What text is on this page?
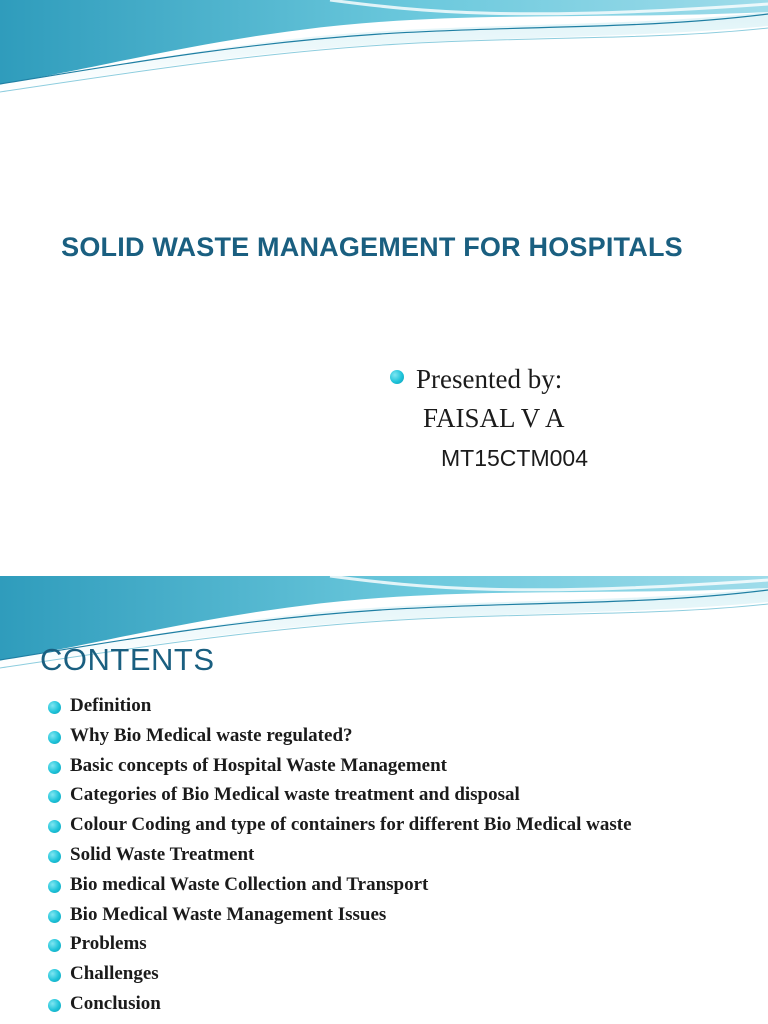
SOLID WASTE MANAGEMENT FOR HOSPITALS
Presented by:
FAISAL V A
MT15CTM004
CONTENTS
Definition
Why Bio Medical waste regulated?
Basic concepts of Hospital Waste Management
Categories of Bio Medical waste treatment and disposal
Colour Coding and type of containers for different Bio Medical waste
Solid Waste Treatment
Bio medical Waste Collection and Transport
Bio Medical Waste Management Issues
Problems
Challenges
Conclusion
